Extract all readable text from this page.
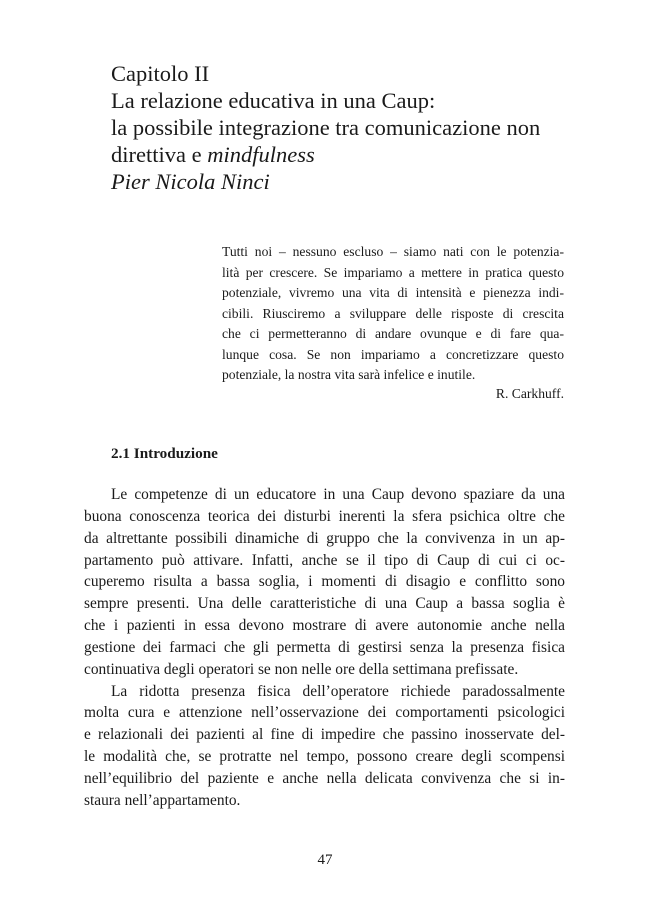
Capitolo II
La relazione educativa in una Caup:
la possibile integrazione tra comunicazione non
direttiva e mindfulness
Pier Nicola Ninci
Tutti noi – nessuno escluso – siamo nati con le potenzia-
lità per crescere. Se impariamo a mettere in pratica questo
potenziale, vivremo una vita di intensità e pienezza indi-
cibili. Riusciremo a sviluppare delle risposte di crescita
che ci permetteranno di andare ovunque e di fare qua-
lunque cosa. Se non impariamo a concretizzare questo
potenziale, la nostra vita sarà infelice e inutile.
R. Carkhuff.
2.1 Introduzione
Le competenze di un educatore in una Caup devono spaziare da una
buona conoscenza teorica dei disturbi inerenti la sfera psichica oltre che
da altrettante possibili dinamiche di gruppo che la convivenza in un ap-
partamento può attivare. Infatti, anche se il tipo di Caup di cui ci oc-
cuperemo risulta a bassa soglia, i momenti di disagio e conflitto sono
sempre presenti. Una delle caratteristiche di una Caup a bassa soglia è
che i pazienti in essa devono mostrare di avere autonomie anche nella
gestione dei farmaci che gli permetta di gestirsi senza la presenza fisica
continuativa degli operatori se non nelle ore della settimana prefissate.
La ridotta presenza fisica dell’operatore richiede paradossalmente
molta cura e attenzione nell’osservazione dei comportamenti psicologici
e relazionali dei pazienti al fine di impedire che passino inosservate del-
le modalità che, se protratte nel tempo, possono creare degli scompensi
nell’equilibrio del paziente e anche nella delicata convivenza che si in-
staura nell’appartamento.
47
